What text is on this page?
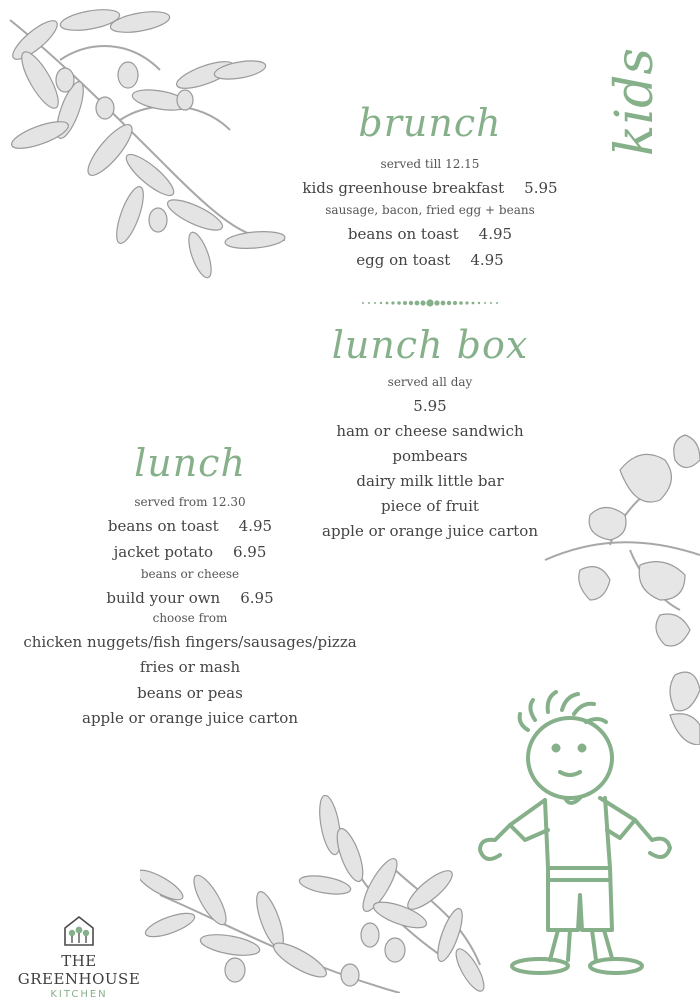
kids
brunch
served till 12.15
kids greenhouse breakfast 5.95
sausage, bacon, fried egg + beans
beans on toast 4.95
egg on toast 4.95
lunch box
served all day
5.95
ham or cheese sandwich
pombears
dairy milk little bar
piece of fruit
apple or orange juice carton
lunch
served from 12.30
beans on toast 4.95
jacket potato 6.95
beans or cheese
build your own 6.95
choose from
chicken nuggets/fish fingers/sausages/pizza
fries or mash
beans or peas
apple or orange juice carton
THE GREENHOUSE
KITCHEN
